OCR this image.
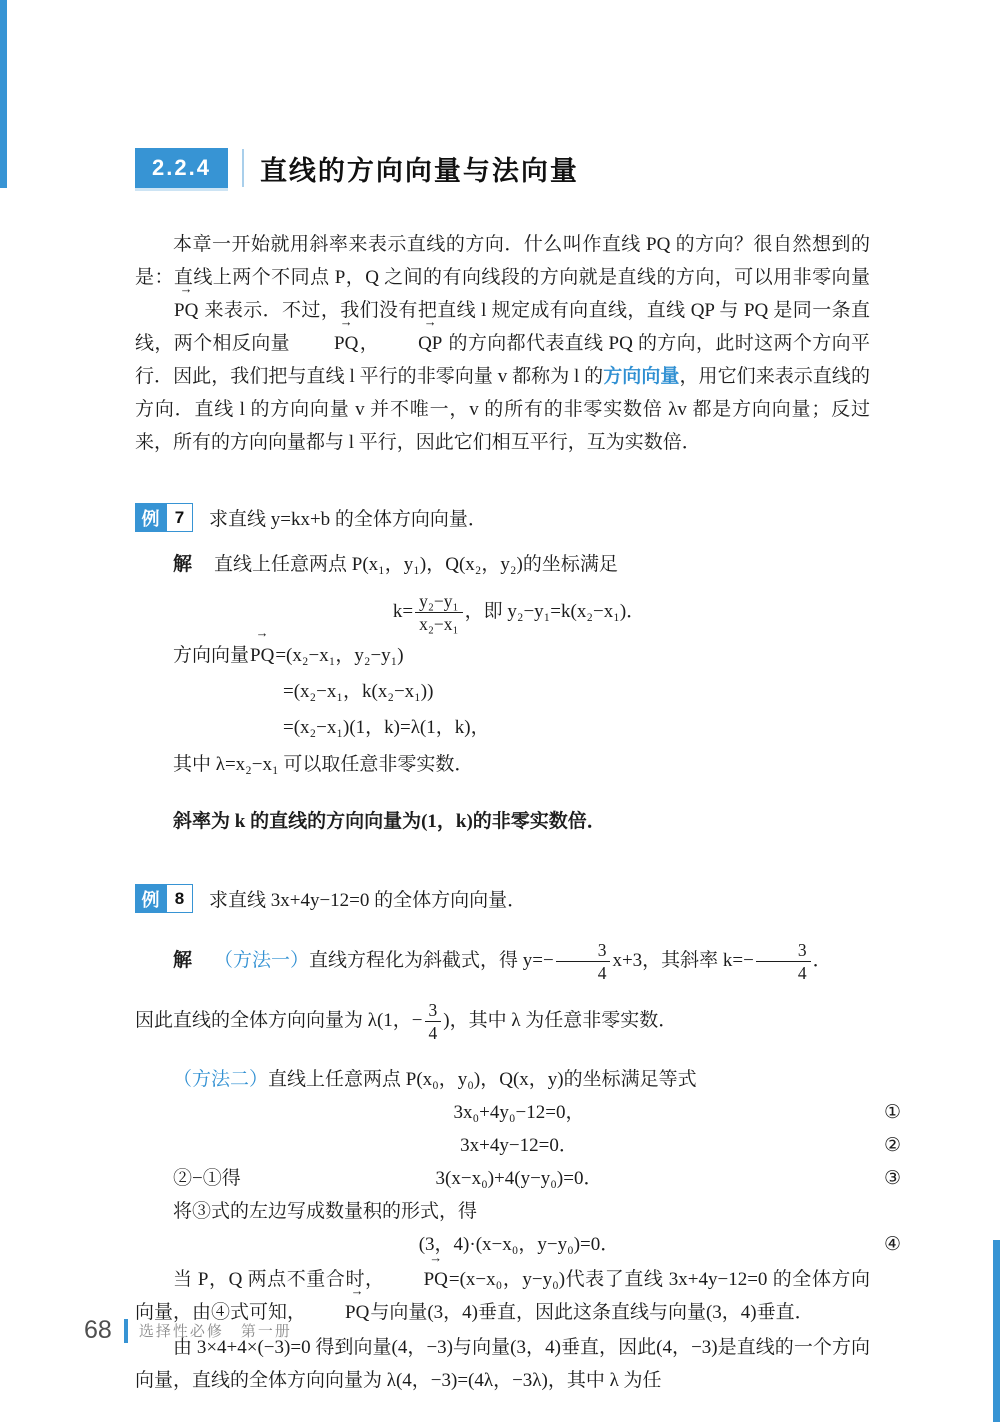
2.2.4	直线的方向向量与法向量

本章一开始就用斜率来表示直线的方向．什么叫作直线 PQ 的方向？很自然想到的是：直线上两个不同点 P，Q 之间的有向线段的方向就是直线的方向，可以用非零向量 → PQ 来表示．不过，我们没有把直线 l 规定成有向直线，直线 QP 与 PQ 是同一条直线，两个相反向量 → PQ， → QP 的方向都代表直线 PQ 的方向，此时这两个方向平行．因此，我们把与直线 l 平行的非零向量 v 都称为 l 的方向向量，用它们来表示直线的方向．直线 l 的方向向量 v 并不唯一，v 的所有的非零实数倍 λv 都是方向向量；反过来，所有的方向向量都与 l 平行，因此它们相互平行，互为实数倍．

例 7	求直线 y=kx+b 的全体方向向量．

解 直线上任意两点 P(x₁，y₁)，Q(x₂，y₂)的坐标满足

$k= \frac{\text{y₂−y₁}}{\text{x₂−x₁}}$ ，即 y₂−y₁=k(x₂−x₁)．
方向向量→ PQ=(x₂−x₁，y₂−y₁)
=(x₂−x₁，k(x₂−x₁))
=(x₂−x₁)(1，k)=λ(1，k)，

其中 λ=x₂−x₁ 可以取任意非零实数．

斜率为 k 的直线的方向向量为(1，k)的非零实数倍．

例 8	求直线 3x+4y−12=0 的全体方向向量．

解 （方法一）直线方程化为斜截式，得 $y=- \frac{3}{4} x+3$，其斜率 $k=- \frac{3}{4}$ ．

因此直线的全体方向向量为 λ(1，− $\frac{3}{4}$ )，其中 λ 为任意非零实数．

（方法二）直线上任意两点 P(x₀，y₀)，Q(x，y)的坐标满足等式

3x₀+4y₀−12=0，	①
3x+4y−12=0．	②
②−①得	3(x−x₀)+4(y−y₀)=0．	③

将③式的左边写成数量积的形式，得

(3，4)·(x−x₀，y−y₀)=0．	④

当 P，Q 两点不重合时， → PQ=(x−x₀，y−y₀)代表了直线 3x+4y−12=0 的全体方向向量，由④式可知， → PQ与向量(3，4)垂直，因此这条直线与向量(3，4)垂直．

由 3×4+4×(−3)=0 得到向量(4，−3)与向量(3，4)垂直，因此(4，−3)是直线的一个方向向量，直线的全体方向向量为 λ(4，−3)=(4λ，−3λ)，其中 λ 为任

68 选择性必修　第一册
